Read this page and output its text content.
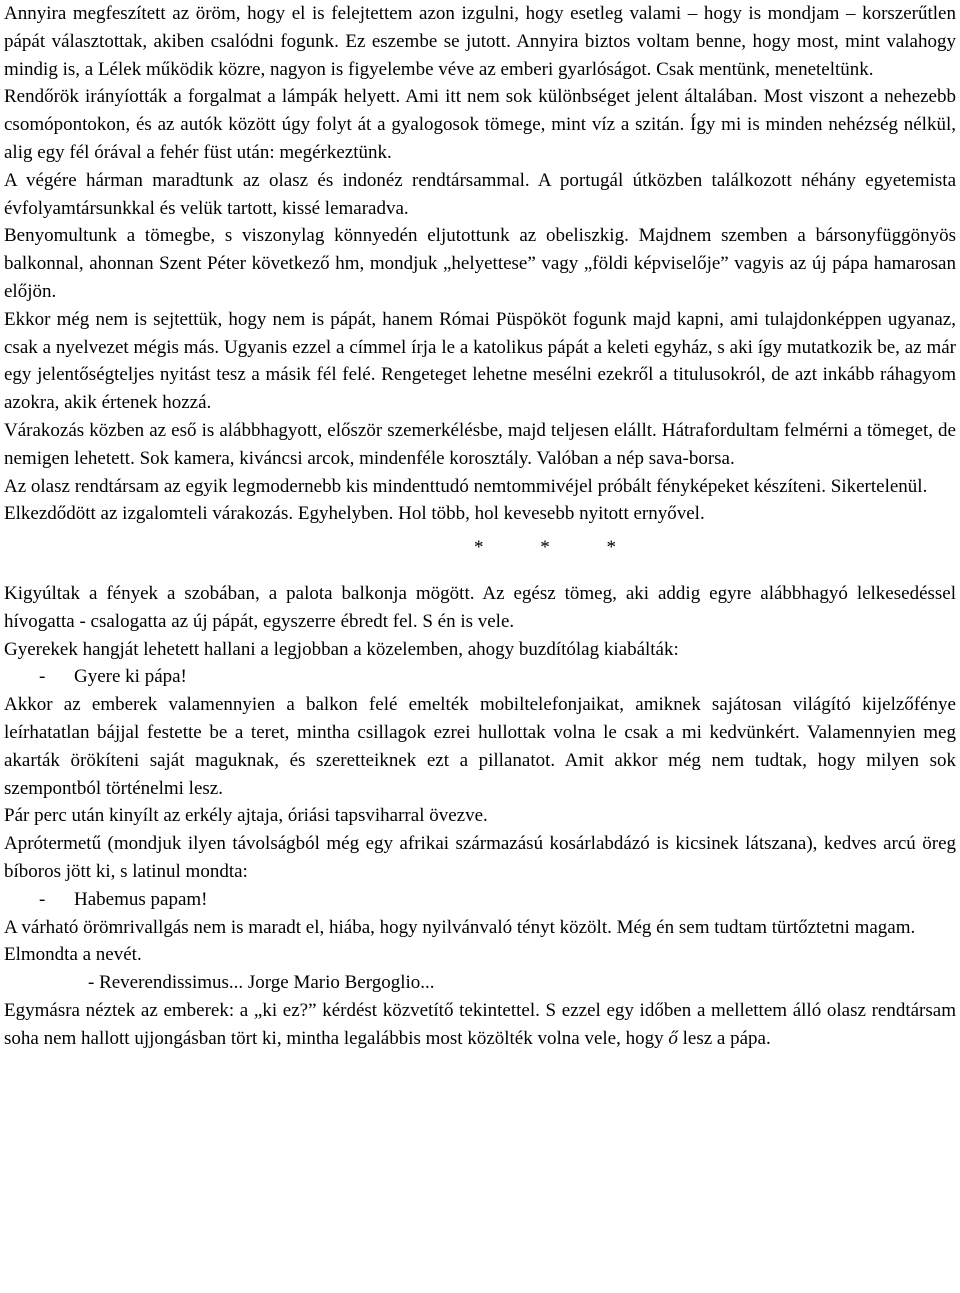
Annyira megfeszített az öröm, hogy el is felejtettem azon izgulni, hogy esetleg valami – hogy is mondjam – korszerűtlen pápát választottak, akiben csalódni fogunk. Ez eszembe se jutott. Annyira biztos voltam benne, hogy most, mint valahogy mindig is, a Lélek működik közre, nagyon is figyelembe véve az emberi gyarlóságot. Csak mentünk, meneteltünk.

Rendőrök irányíották a forgalmat a lámpák helyett. Ami itt nem sok különbséget jelent általában. Most viszont a nehezebb csomópontokon, és az autók között úgy folyt át a gyalogosok tömege, mint víz a szitán. Így mi is minden nehézség nélkül, alig egy fél órával a fehér füst után: megérkeztünk.

A végére hárman maradtunk az olasz és indonéz rendtársammal. A portugál útközben találkozott néhány egyetemista évfolyamtársunkkal és velük tartott, kissé lemaradva.

Benyomultunk a tömegbe, s viszonylag könnyedén eljutottunk az obeliszkig. Majdnem szemben a bársonyfüggönyös balkonnal, ahonnan Szent Péter következő hm, mondjuk „helyettese” vagy „földi képviselője” vagyis az új pápa hamarosan előjön.

Ekkor még nem is sejtettük, hogy nem is pápát, hanem Római Püspököt fogunk majd kapni, ami tulajdonképpen ugyanaz, csak a nyelvezet mégis más. Ugyanis ezzel a címmel írja le a katolikus pápát a keleti egyház, s aki így mutatkozik be, az már egy jelentőségteljes nyitást tesz a másik fél felé. Rengeteget lehetne mesélni ezekről a titulusokról, de azt inkább ráhagyom azokra, akik értenek hozzá.

Várakozás közben az eső is alábbhagyott, először szemerkélésbe, majd teljesen elállt. Hátrafordultam felmérni a tömeget, de nemigen lehetett. Sok kamera, kiváncsi arcok, mindenféle korosztály. Valóban a nép sava-borsa.

Az olasz rendtársam az egyik legmodernebb kis mindenttudó nemtommivéjel próbált fényképeket készíteni. Sikertelenül.

Elkezdődött az izgalomteli várakozás. Egyhelyben. Hol több, hol kevesebb nyitott ernyővel.

* * *

Kigyúltak a fények a szobában, a palota balkonja mögött. Az egész tömeg, aki addig egyre alábbhagyó lelkesedéssel hívogatta - csalogatta az új pápát, egyszerre ébredt fel. S én is vele.

Gyerekek hangját lehetett hallani a legjobban a közelemben, ahogy buzdítólag kiabálták:

- Gyere ki pápa!

Akkor az emberek valamennyien a balkon felé emelték mobiltelefonjaikat, amiknek sajátosan világító kijelzőfénye leírhatatlan bájjal festette be a teret, mintha csillagok ezrei hullottak volna le csak a mi kedvünkért. Valamennyien meg akarták örökíteni saját maguknak, és szeretteiknek ezt a pillanatot. Amit akkor még nem tudtak, hogy milyen sok szempontból történelmi lesz.

Pár perc után kinyílt az erkély ajtaja, óriási tapsviharral övezve.

Aprótermetű (mondjuk ilyen távolságból még egy afrikai származású kosárlabdázó is kicsinek látszana), kedves arcú öreg bíboros jött ki, s latinul mondta:

- Habemus papam!

A várható örömrivallgás nem is maradt el, hiába, hogy nyilvánvaló tényt közölt. Még én sem tudtam türtőztetni magam.

Elmondta a nevét.

- Reverendissimus... Jorge Mario Bergoglio...

Egymásra néztek az emberek: a „ki ez?” kérdést közvetítő tekintettel. S ezzel egy időben a mellettem álló olasz rendtársam soha nem hallott ujjongásban tört ki, mintha legalábbis most közölték volna vele, hogy ő lesz a pápa.
